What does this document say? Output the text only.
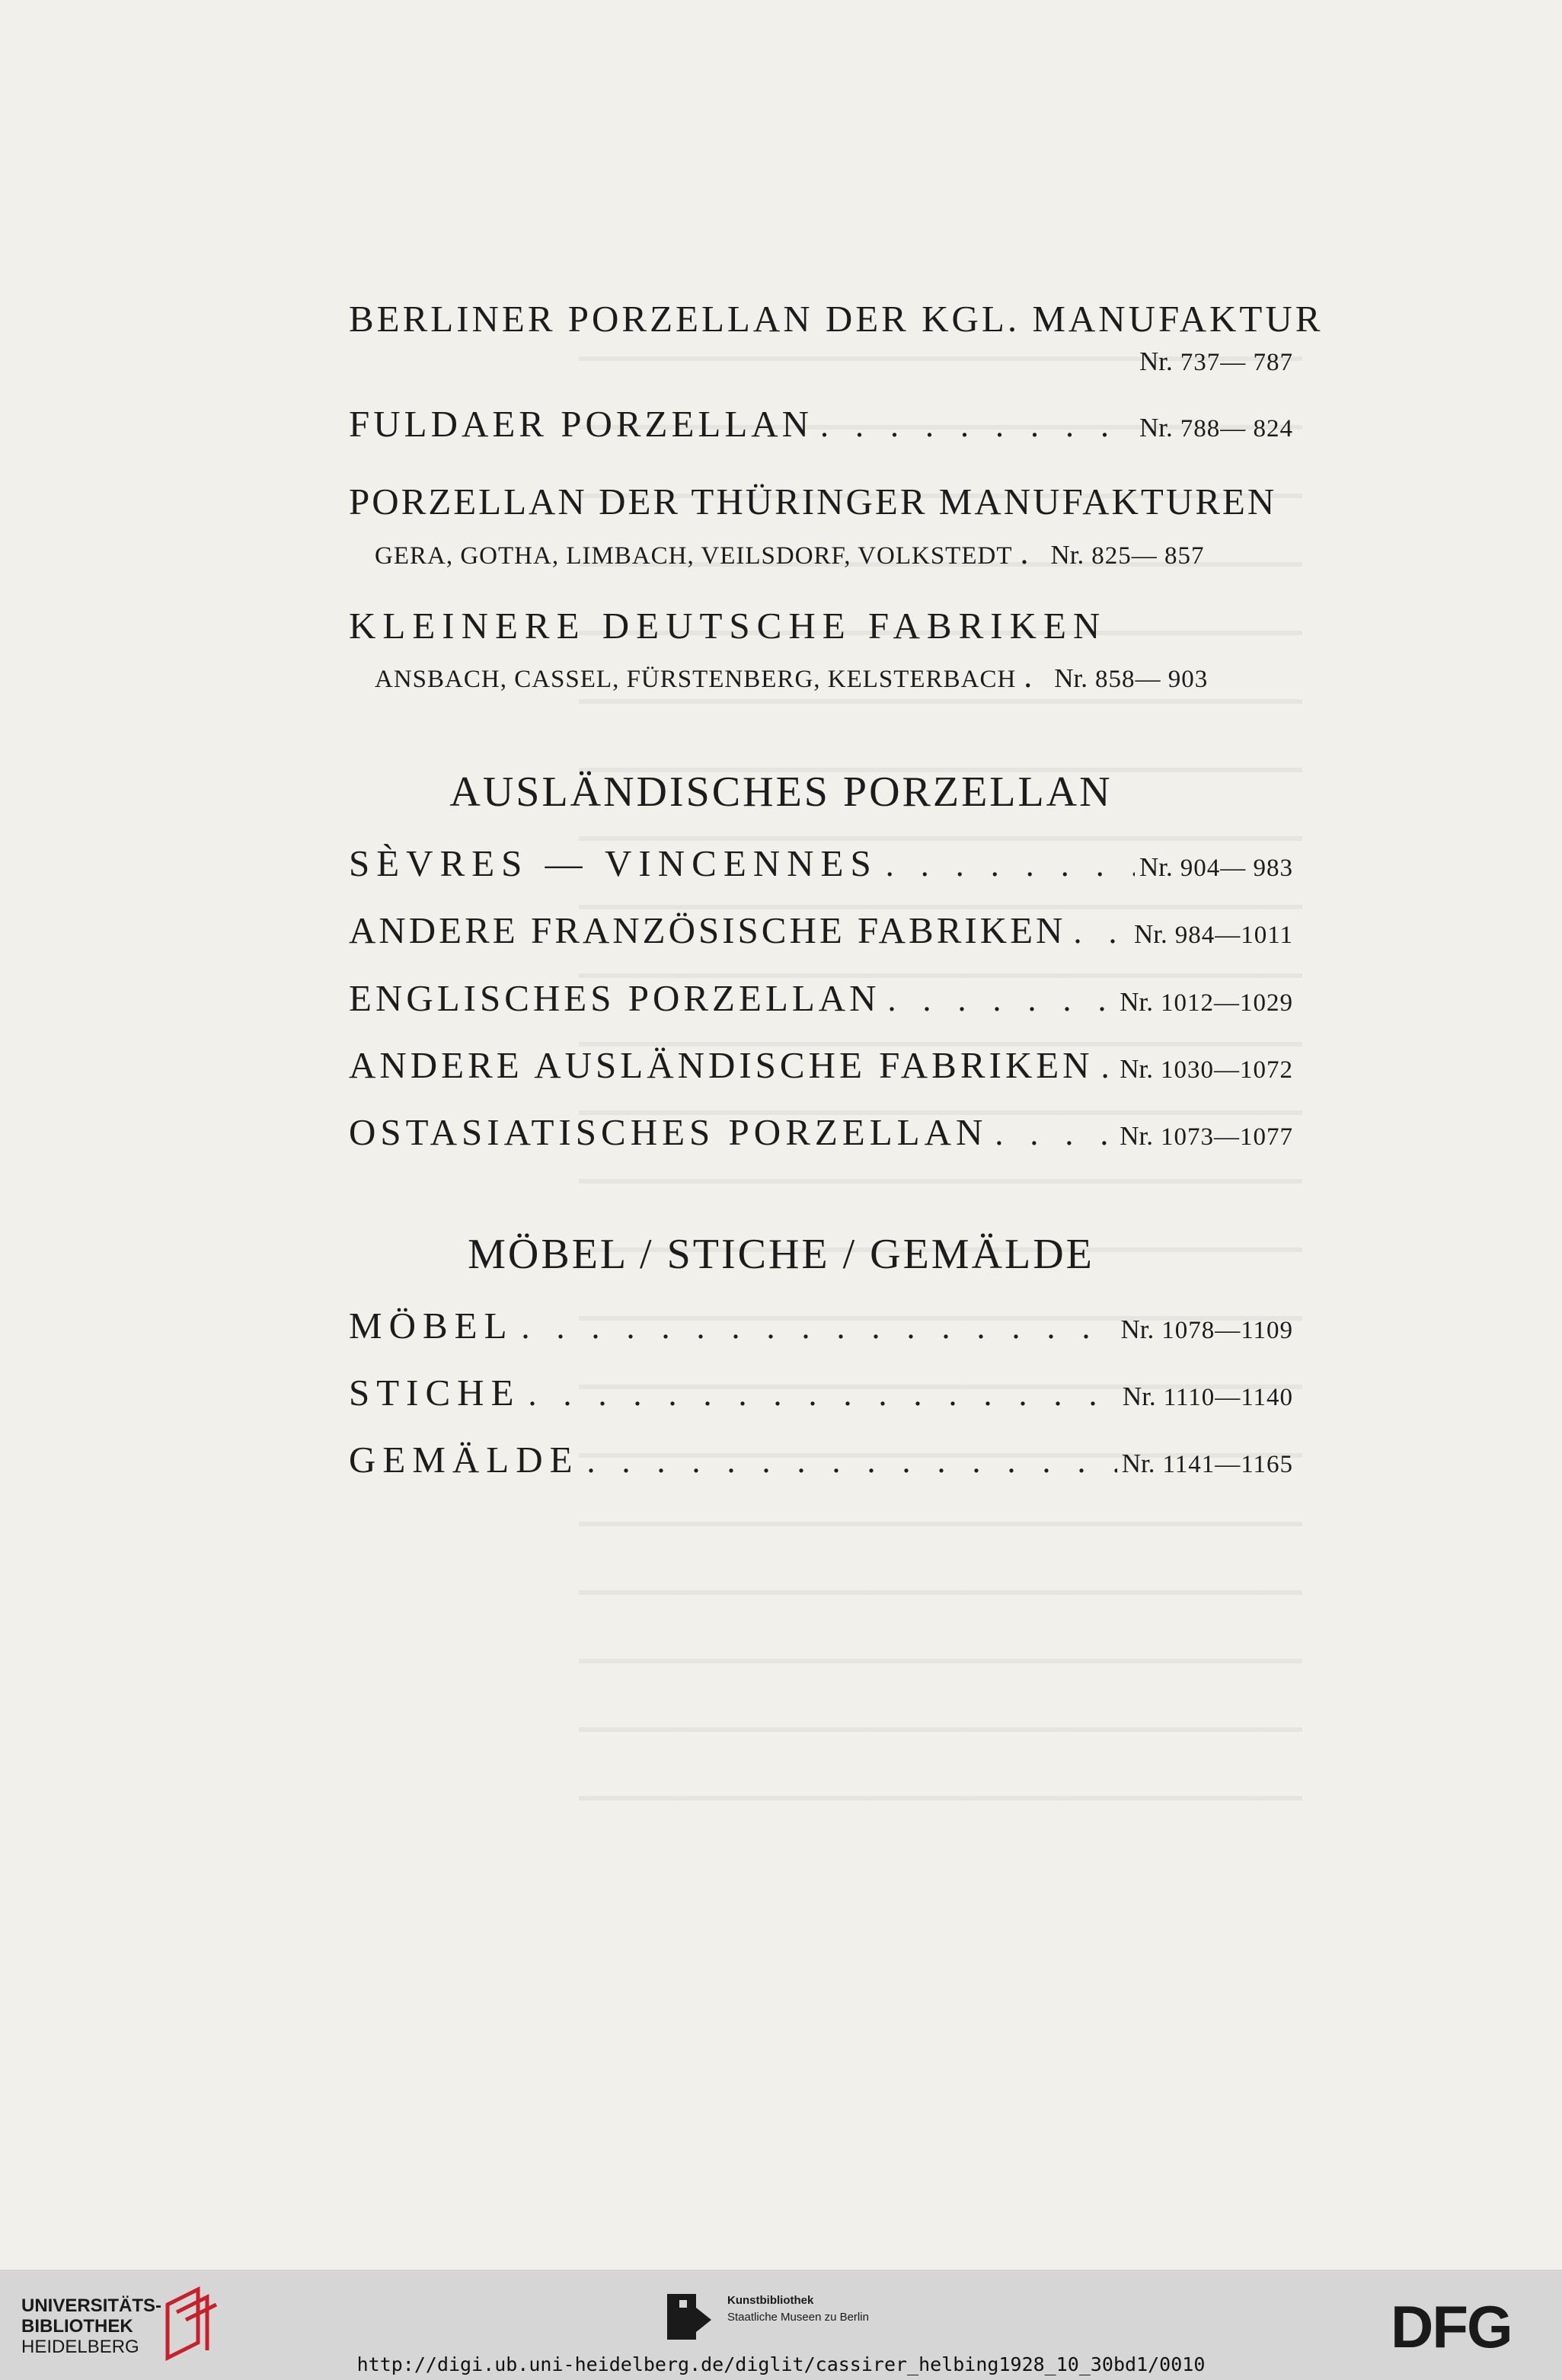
BERLINER PORZELLAN DER KGL. MANUFAKTUR
Nr. 737— 787
FULDAER PORZELLAN . . .	Nr. 788— 824
PORZELLAN DER THÜRINGER MANUFAKTUREN
GERA, GOTHA, LIMBACH, VEILSDORF, VOLKSTEDT . . . Nr. 825— 857
KLEINERE DEUTSCHE FABRIKEN
ANSBACH, CASSEL, FÜRSTENBERG, KELSTERBACH . . . Nr. 858— 903
AUSLÄNDISCHES PORZELLAN
SÈVRES — VINCENNES . . .	Nr. 904— 983
ANDERE FRANZÖSISCHE FABRIKEN . . .	Nr. 984—1011
ENGLISCHES PORZELLAN . . .	Nr. 1012—1029
ANDERE AUSLÄNDISCHE FABRIKEN . . . Nr. 1030—1072
OSTASIATISCHES PORZELLAN . . .	Nr. 1073—1077
MÖBEL / STICHE / GEMÄLDE
MÖBEL . . .	Nr. 1078—1109
STICHE . . .	Nr. 1110—1140
GEMÄLDE . . .	Nr. 1141—1165
UNIVERSITÄTS-
BIBLIOTHEK
HEIDELBERG
Kunstbibliothek
Staatliche Museen zu Berlin	DFG
http://digi.ub.uni-heidelberg.de/diglit/cassirer_helbing1928_10_30bd1/0010
